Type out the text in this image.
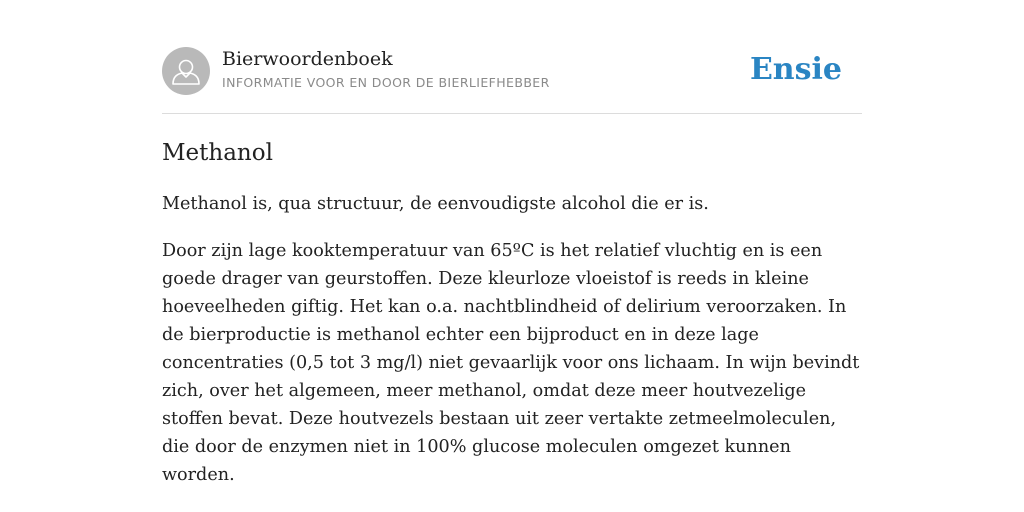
Bierwoordenboek
INFORMATIE VOOR EN DOOR DE BIERLIEFHEBBER	Ensie
Methanol

Methanol is, qua structuur, de eenvoudigste alcohol die er is.

Door zijn lage kooktemperatuur van 65ºC is het relatief vluchtig en is een goede drager van geurstoffen. Deze kleurloze vloeistof is reeds in kleine hoeveelheden giftig. Het kan o.a. nachtblindheid of delirium veroorzaken. In de bierproductie is methanol echter een bijproduct en in deze lage concentraties (0,5 tot 3 mg/l) niet gevaarlijk voor ons lichaam. In wijn bevindt zich, over het algemeen, meer methanol, omdat deze meer houtvezelige stoffen bevat. Deze houtvezels bestaan uit zeer vertakte zetmeelmoleculen, die door de enzymen niet in 100% glucose moleculen omgezet kunnen worden.
